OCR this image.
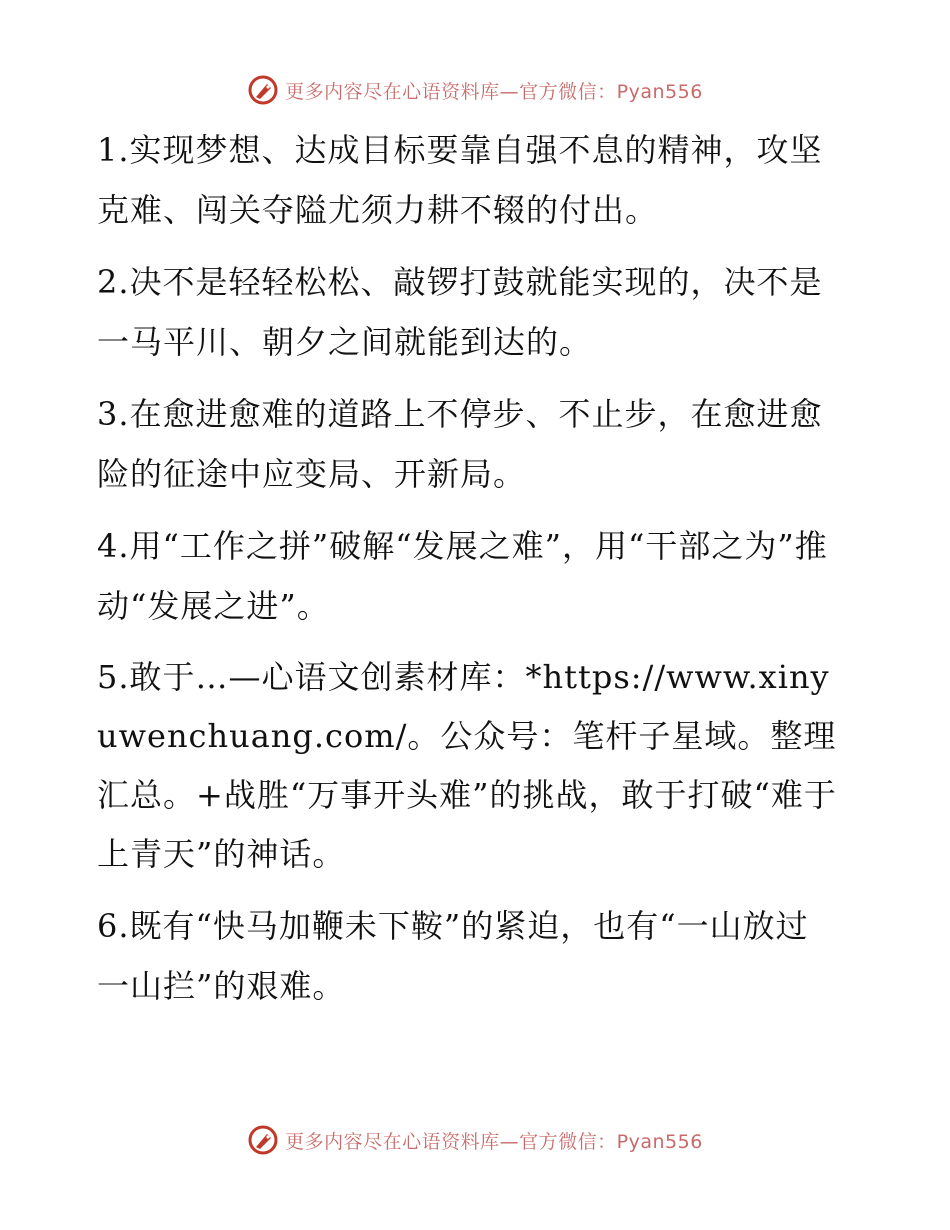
更多内容尽在心语资料库—官方微信：Pyan556

1.实现梦想、达成目标要靠自强不息的精神，攻坚克难、闯关夺隘尤须力耕不辍的付出。

2.决不是轻轻松松、敲锣打鼓就能实现的，决不是一马平川、朝夕之间就能到达的。

3.在愈进愈难的道路上不停步、不止步，在愈进愈险的征途中应变局、开新局。

4.用“工作之拼”破解“发展之难”，用“干部之为”推动“发展之进”。

5.敢于…—心语文创素材库：*https://www.xinyuwenchuang.com/。公众号：笔杆子星域。整理汇总。+战胜“万事开头难”的挑战，敢于打破“难于上青天”的神话。

6.既有“快马加鞭未下鞍”的紧迫，也有“一山放过一山拦”的艰难。

更多内容尽在心语资料库—官方微信：Pyan556
